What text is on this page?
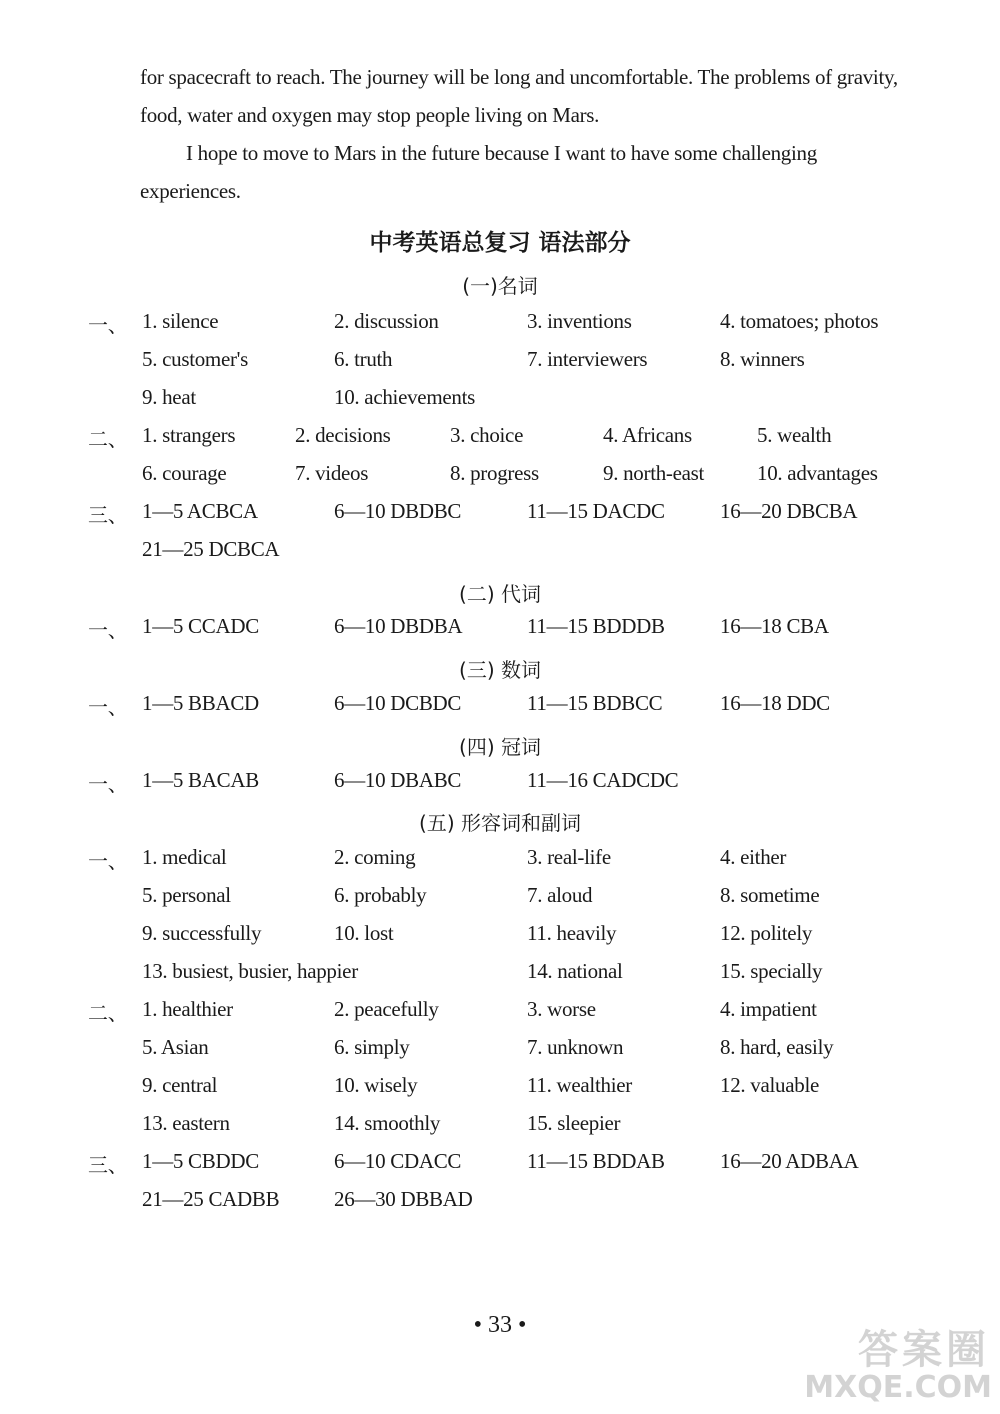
for spacecraft to reach. The journey will be long and uncomfortable. The problems of gravity, food, water and oxygen may stop people living on Mars.
I hope to move to Mars in the future because I want to have some challenging experiences.
中考英语总复习 语法部分
(一)名词
一、 1. silence	2. discussion	3. inventions	4. tomatoes; photos
5. customer's	6. truth	7. interviewers	8. winners
9. heat	10. achievements
二、 1. strangers	2. decisions	3. choice	4. Africans	5. wealth
6. courage	7. videos	8. progress	9. north-east	10. advantages
三、 1—5 ACBCA	6—10 DBDBC	11—15 DACDC	16—20 DBCBA
21—25 DCBCA
(二) 代词
一、 1—5 CCADC	6—10 DBDBA	11—15 BDDDB	16—18 CBA
(三) 数词
一、 1—5 BBACD	6—10 DCBDC	11—15 BDBCC	16—18 DDC
(四) 冠词
一、 1—5 BACAB	6—10 DBABC	11—16 CADCDC
(五) 形容词和副词
一、 1. medical	2. coming	3. real-life	4. either
5. personal	6. probably	7. aloud	8. sometime
9. successfully	10. lost	11. heavily	12. politely
13. busiest, busier, happier	14. national	15. specially
二、 1. healthier	2. peacefully	3. worse	4. impatient
5. Asian	6. simply	7. unknown	8. hard, easily
9. central	10. wisely	11. wealthier	12. valuable
13. eastern	14. smoothly	15. sleepier
三、 1—5 CBDDC	6—10 CDACC	11—15 BDDAB	16—20 ADBAA
21—25 CADBB	26—30 DBBAD
• 33 •
答案圈
MXQE.COM
